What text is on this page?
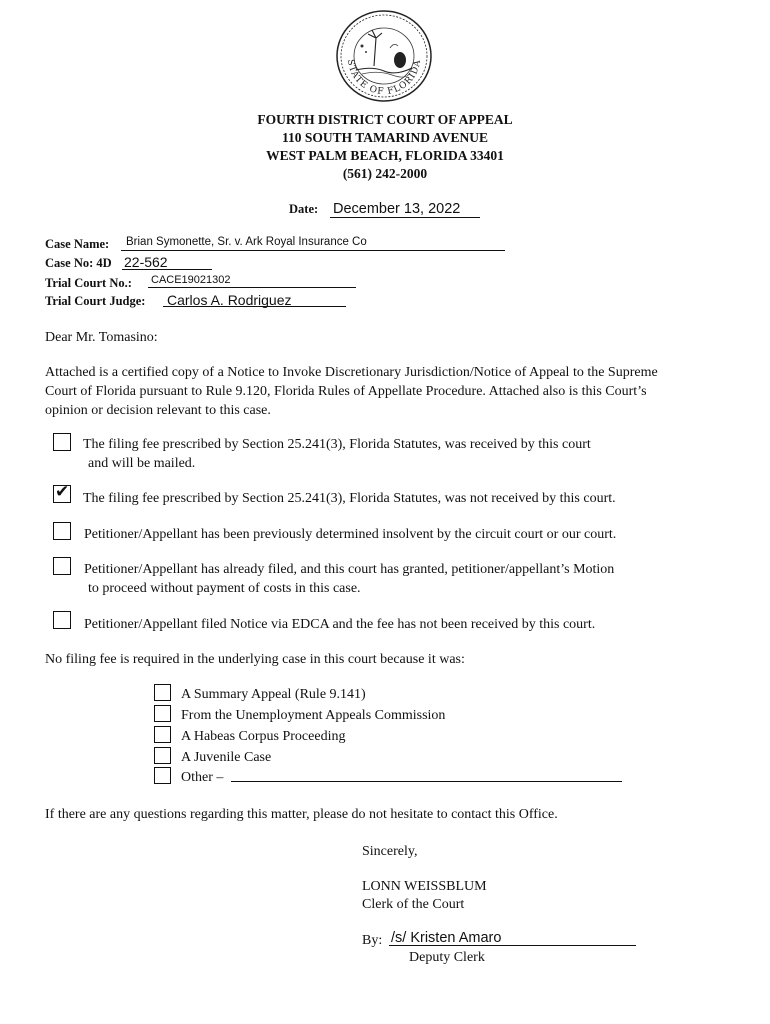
STATE OF FLORIDA
FOURTH DISTRICT COURT OF APPEAL
110 SOUTH TAMARIND AVENUE
WEST PALM BEACH, FLORIDA 33401
(561) 242-2000
Date: December 13, 2022
Case Name: Brian Symonette, Sr. v. Ark Royal Insurance Co
Case No: 4D 22-562
Trial Court No.: CACE19021302
Trial Court Judge: Carlos A. Rodriguez
Dear Mr. Tomasino:
Attached is a certified copy of a Notice to Invoke Discretionary Jurisdiction/Notice of Appeal to the Supreme
Court of Florida pursuant to Rule 9.120, Florida Rules of Appellate Procedure. Attached also is this Court’s
opinion or decision relevant to this case.
The filing fee prescribed by Section 25.241(3), Florida Statutes, was received by this court
and will be mailed.
✔ The filing fee prescribed by Section 25.241(3), Florida Statutes, was not received by this court.
Petitioner/Appellant has been previously determined insolvent by the circuit court or our court.
Petitioner/Appellant has already filed, and this court has granted, petitioner/appellant’s Motion
to proceed without payment of costs in this case.
Petitioner/Appellant filed Notice via EDCA and the fee has not been received by this court.
No filing fee is required in the underlying case in this court because it was:
A Summary Appeal (Rule 9.141)
From the Unemployment Appeals Commission
A Habeas Corpus Proceeding
A Juvenile Case
Other –
If there are any questions regarding this matter, please do not hesitate to contact this Office.
Sincerely,
LONN WEISSBLUM
Clerk of the Court
By: /s/ Kristen Amaro
Deputy Clerk
